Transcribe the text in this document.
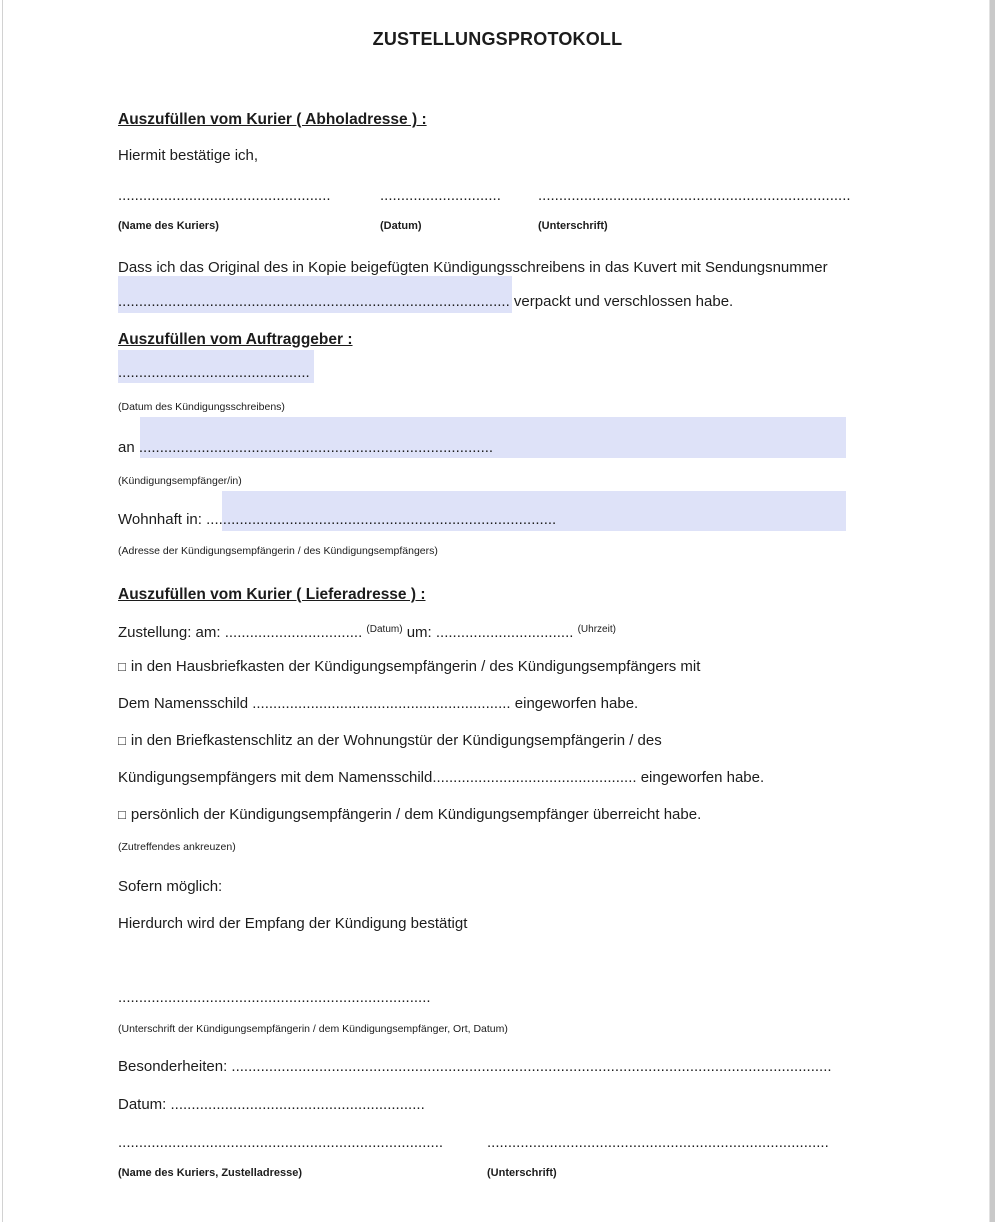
ZUSTELLUNGSPROTOKOLL
Auszufüllen vom Kurier ( Abholadresse ) :
Hiermit bestätige ich,
...................................................	............................. ...........................................................................
(Name des Kuriers)	(Datum)	(Unterschrift)
Dass ich das Original des in Kopie beigefügten Kündigungsschreibens in das Kuvert mit Sendungsnummer
.............................................................................................. verpackt und verschlossen habe.
Auszufüllen vom Auftraggeber :
..............................................
(Datum des Kündigungsschreibens)
an .....................................................................................
(Kündigungsempfänger/in)
Wohnhaft in: ....................................................................................
(Adresse der Kündigungsempfängerin / des Kündigungsempfängers)
Auszufüllen vom Kurier ( Lieferadresse ) :
Zustellung: am: ................................. $^{(Datum)}$ um: ................................. $^{(Uhrzeit)}$
□ in den Hausbriefkasten der Kündigungsempfängerin / des Kündigungsempfängers mit
Dem Namensschild .............................................................. eingeworfen habe.
□ in den Briefkastenschlitz an der Wohnungstür der Kündigungsempfängerin / des
Kündigungsempfängers mit dem Namensschild................................................. eingeworfen habe.
□ persönlich der Kündigungsempfängerin / dem Kündigungsempfänger überreicht habe.
(Zutreffendes ankreuzen)
Sofern möglich:
Hierdurch wird der Empfang der Kündigung bestätigt
...........................................................................
(Unterschrift der Kündigungsempfängerin / dem Kündigungsempfänger, Ort, Datum)
Besonderheiten: ................................................................................................................................................
Datum: .............................................................
..............................................................................	..................................................................................
(Name des Kuriers, Zustelladresse)	(Unterschrift)
